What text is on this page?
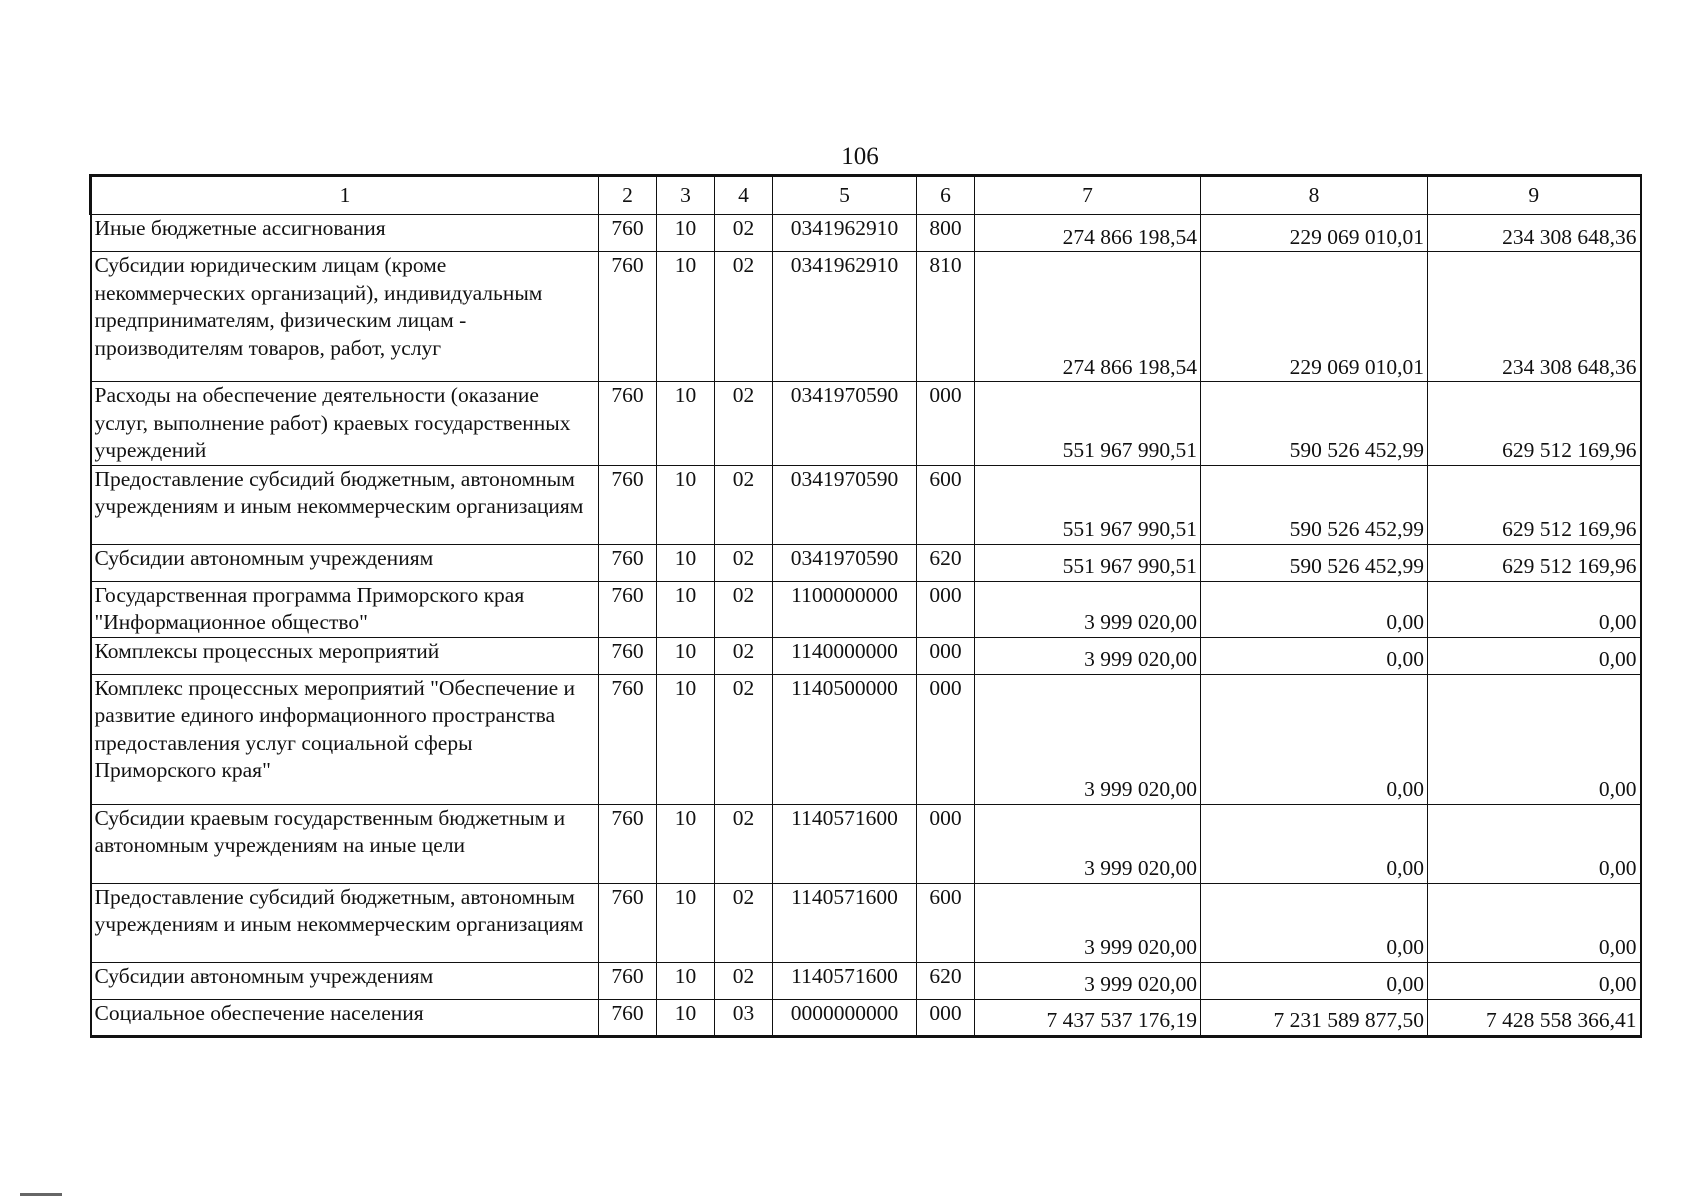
106
1	2	3	4	5	6	7	8	9
Иные бюджетные ассигнования	760	10	02	0341962910	800	274 866 198,54	229 069 010,01	234 308 648,36
Субсидии юридическим лицам (кроме некоммерческих организаций), индивидуальным предпринимателям, физическим лицам - производителям товаров, работ, услуг	760	10	02	0341962910	810	274 866 198,54	229 069 010,01	234 308 648,36
Расходы на обеспечение деятельности (оказание услуг, выполнение работ) краевых государственных учреждений	760	10	02	0341970590	000	551 967 990,51	590 526 452,99	629 512 169,96
Предоставление субсидий бюджетным, автономным учреждениям и иным некоммерческим организациям	760	10	02	0341970590	600	551 967 990,51	590 526 452,99	629 512 169,96
Субсидии автономным учреждениям	760	10	02	0341970590	620	551 967 990,51	590 526 452,99	629 512 169,96
Государственная программа Приморского края "Информационное общество"	760	10	02	1100000000	000	3 999 020,00	0,00	0,00
Комплексы процессных мероприятий	760	10	02	1140000000	000	3 999 020,00	0,00	0,00
Комплекс процессных мероприятий "Обеспечение и развитие единого информационного пространства предоставления услуг социальной сферы Приморского края"	760	10	02	1140500000	000	3 999 020,00	0,00	0,00
Субсидии краевым государственным бюджетным и автономным учреждениям на иные цели	760	10	02	1140571600	000	3 999 020,00	0,00	0,00
Предоставление субсидий бюджетным, автономным учреждениям и иным некоммерческим организациям	760	10	02	1140571600	600	3 999 020,00	0,00	0,00
Субсидии автономным учреждениям	760	10	02	1140571600	620	3 999 020,00	0,00	0,00
Социальное обеспечение населения	760	10	03	0000000000	000	7 437 537 176,19	7 231 589 877,50	7 428 558 366,41
